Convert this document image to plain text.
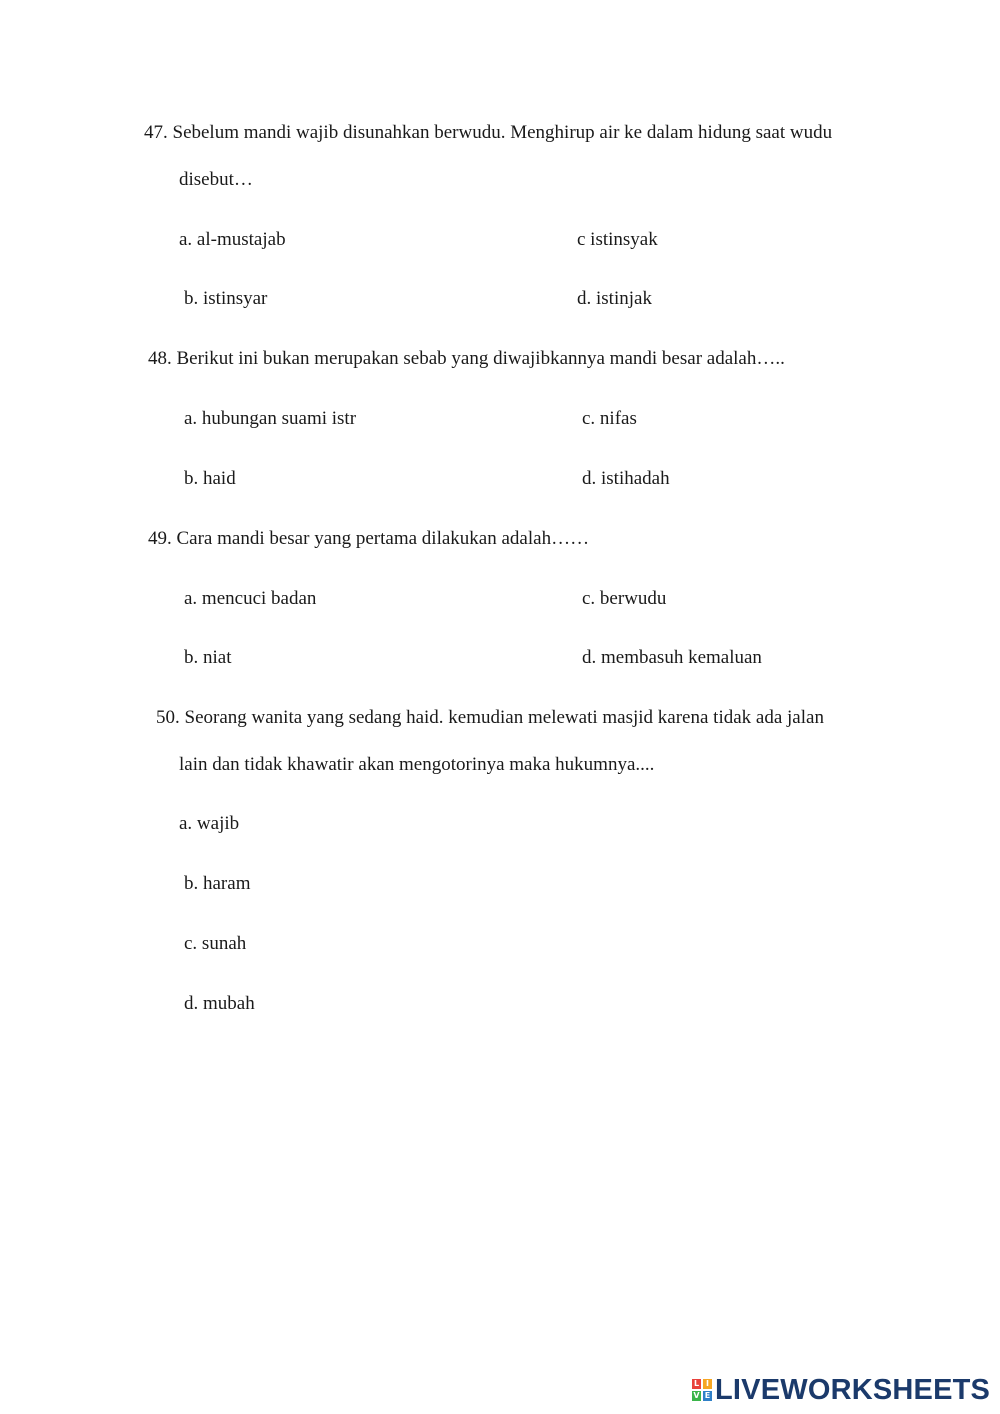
47. Sebelum mandi wajib disunahkan berwudu. Menghirup air ke dalam hidung saat wudu
disebut…
a. al-mustajab	c istinsyak
b. istinsyar	d. istinjak
48. Berikut ini bukan merupakan sebab yang diwajibkannya mandi besar adalah…..
a. hubungan suami istr	c. nifas
b. haid	d. istihadah
49. Cara mandi besar yang pertama dilakukan adalah……
a. mencuci badan	c. berwudu
b. niat	d. membasuh kemaluan
50. Seorang wanita yang sedang haid. kemudian melewati masjid karena tidak ada jalan
lain dan tidak khawatir akan mengotorinya maka hukumnya....
a. wajib
b. haram
c. sunah
d. mubah
L I
V E LIVEWORKSHEETS
